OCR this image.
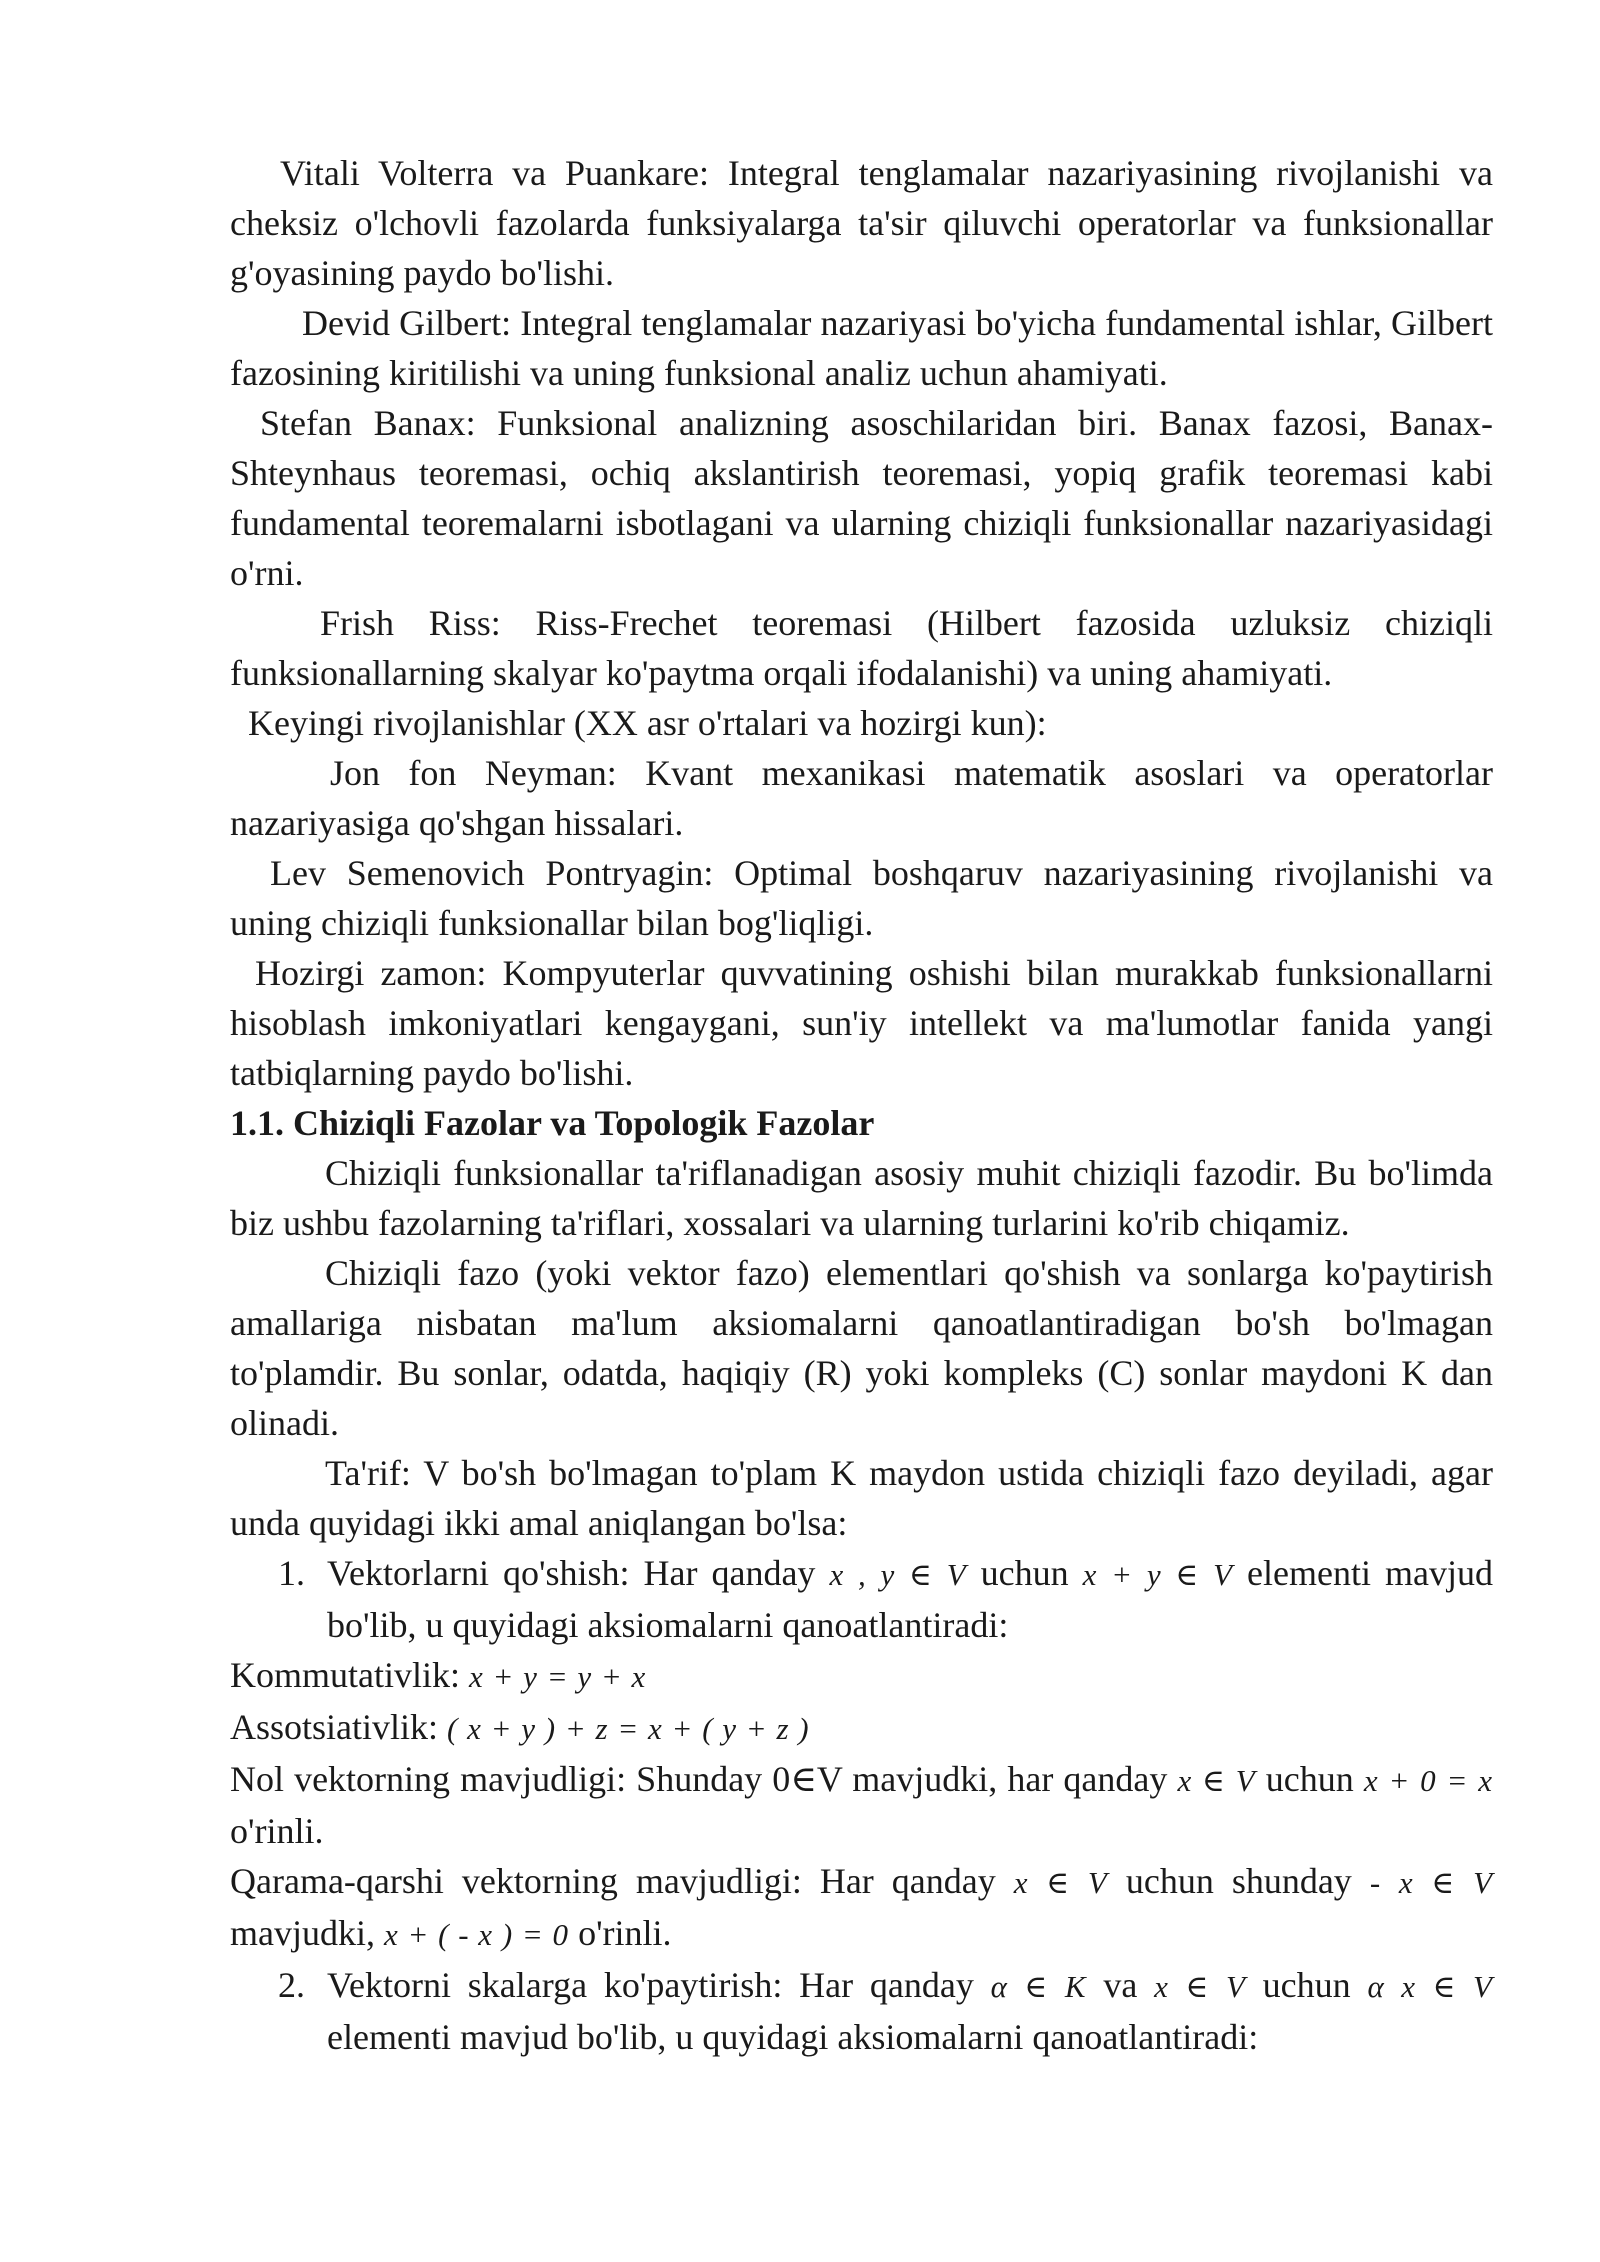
Vitali Volterra va Puankare: Integral tenglamalar nazariyasining rivojlanishi va cheksiz o'lchovli fazolarda funksiyalarga ta'sir qiluvchi operatorlar va funksionallar g'oyasining paydo bo'lishi.

Devid Gilbert: Integral tenglamalar nazariyasi bo'yicha fundamental ishlar, Gilbert fazosining kiritilishi va uning funksional analiz uchun ahamiyati.

Stefan Banax: Funksional analizning asoschilaridan biri. Banax fazosi, Banax-Shteynhaus teoremasi, ochiq akslantirish teoremasi, yopiq grafik teoremasi kabi fundamental teoremalarni isbotlagani va ularning chiziqli funksionallar nazariyasidagi o'rni.

Frish Riss: Riss-Frechet teoremasi (Hilbert fazosida uzluksiz chiziqli funksionallarning skalyar ko'paytma orqali ifodalanishi) va uning ahamiyati.

Keyingi rivojlanishlar (XX asr o'rtalari va hozirgi kun):

Jon fon Neyman: Kvant mexanikasi matematik asoslari va operatorlar nazariyasiga qo'shgan hissalari.

Lev Semenovich Pontryagin: Optimal boshqaruv nazariyasining rivojlanishi va uning chiziqli funksionallar bilan bog'liqligi.

Hozirgi zamon: Kompyuterlar quvvatining oshishi bilan murakkab funksionallarni hisoblash imkoniyatlari kengaygani, sun'iy intellekt va ma'lumotlar fanida yangi tatbiqlarning paydo bo'lishi.

1.1. Chiziqli Fazolar va Topologik Fazolar

Chiziqli funksionallar ta'riflanadigan asosiy muhit chiziqli fazodir. Bu bo'limda biz ushbu fazolarning ta'riflari, xossalari va ularning turlarini ko'rib chiqamiz.

Chiziqli fazo (yoki vektor fazo) elementlari qo'shish va sonlarga ko'paytirish amallariga nisbatan ma'lum aksiomalarni qanoatlantiradigan bo'sh bo'lmagan to'plamdir. Bu sonlar, odatda, haqiqiy (R) yoki kompleks (C) sonlar maydoni K dan olinadi.

Ta'rif: V bo'sh bo'lmagan to'plam K maydon ustida chiziqli fazo deyiladi, agar unda quyidagi ikki amal aniqlangan bo'lsa:

1. Vektorlarni qo'shish: Har qanday x , y ∈ V uchun x + y ∈ V elementi mavjud bo'lib, u quyidagi aksiomalarni qanoatlantiradi:

Kommutativlik: x + y = y + x

Assotsiativlik: ( x + y ) + z = x + ( y + z )

Nol vektorning mavjudligi: Shunday 0∈V mavjudki, har qanday x ∈ V uchun x + 0 = x o'rinli.

Qarama-qarshi vektorning mavjudligi: Har qanday x ∈ V uchun shunday - x ∈ V mavjudki, x + ( - x ) = 0 o'rinli.

2. Vektorni skalarga ko'paytirish: Har qanday α ∈ K va x ∈ V uchun α x ∈ V elementi mavjud bo'lib, u quyidagi aksiomalarni qanoatlantiradi:
